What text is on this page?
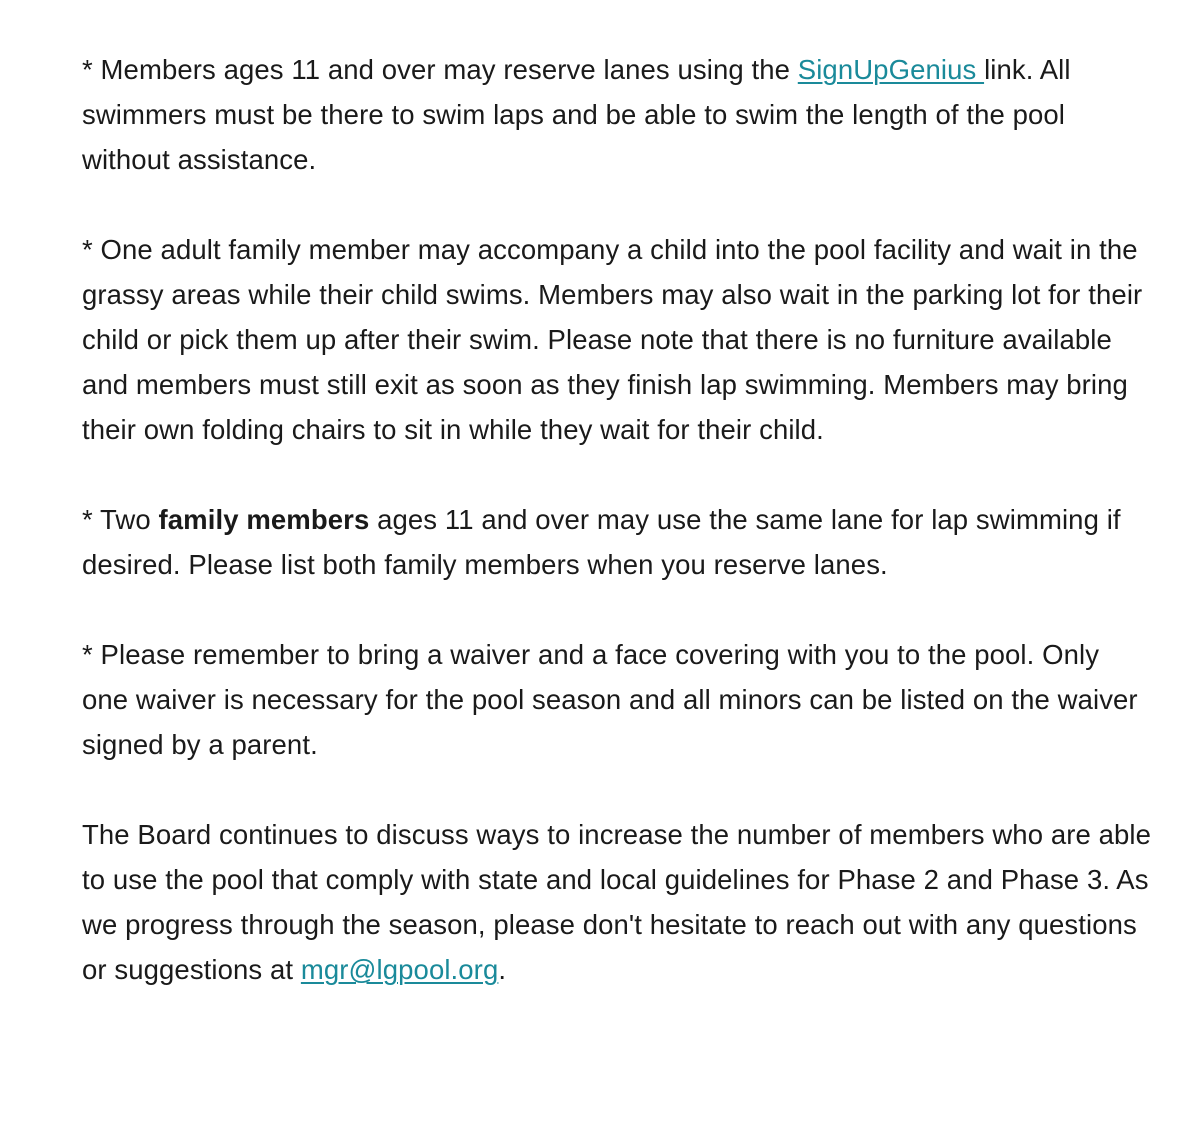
* Members ages 11 and over may reserve lanes using the SignUpGenius link. All swimmers must be there to swim laps and be able to swim the length of the pool without assistance.

* One adult family member may accompany a child into the pool facility and wait in the grassy areas while their child swims. Members may also wait in the parking lot for their child or pick them up after their swim. Please note that there is no furniture available and members must still exit as soon as they finish lap swimming. Members may bring their own folding chairs to sit in while they wait for their child.

* Two family members ages 11 and over may use the same lane for lap swimming if desired. Please list both family members when you reserve lanes.

* Please remember to bring a waiver and a face covering with you to the pool. Only one waiver is necessary for the pool season and all minors can be listed on the waiver signed by a parent.

The Board continues to discuss ways to increase the number of members who are able to use the pool that comply with state and local guidelines for Phase 2 and Phase 3. As we progress through the season, please don't hesitate to reach out with any questions or suggestions at mgr@lgpool.org.
